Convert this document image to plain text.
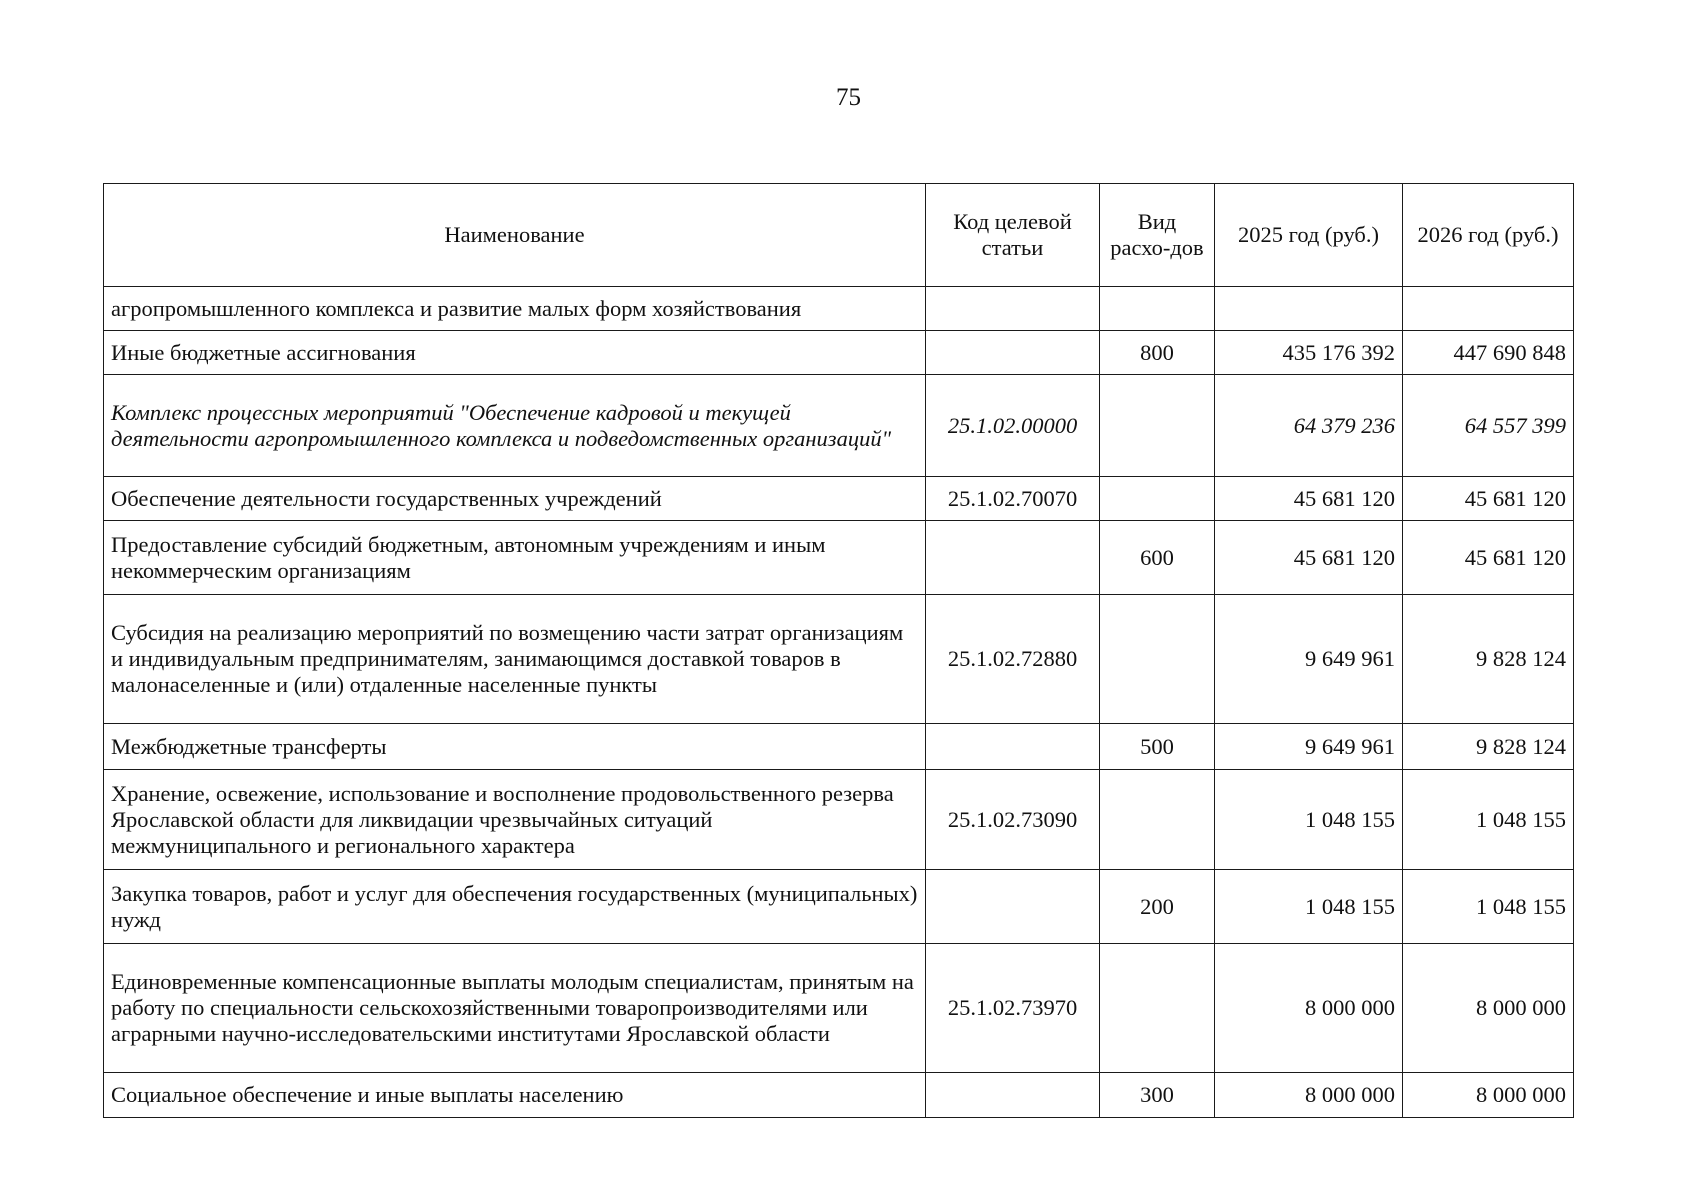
75
Наименование	Код целевой статьи	Вид расхо-дов	2025 год (руб.)	2026 год (руб.)
агропромышленного комплекса и развитие малых форм хозяйствования				
Иные бюджетные ассигнования		800	435 176 392	447 690 848
Комплекс процессных мероприятий "Обеспечение кадровой и текущей деятельности агропромышленного комплекса и подведомственных организаций"	25.1.02.00000		64 379 236	64 557 399
Обеспечение деятельности государственных учреждений	25.1.02.70070		45 681 120	45 681 120
Предоставление субсидий бюджетным, автономным учреждениям и иным некоммерческим организациям		600	45 681 120	45 681 120
Субсидия на реализацию мероприятий по возмещению части затрат организациям и индивидуальным предпринимателям, занимающимся доставкой товаров в малонаселенные и (или) отдаленные населенные пункты	25.1.02.72880		9 649 961	9 828 124
Межбюджетные трансферты		500	9 649 961	9 828 124
Хранение, освежение, использование и восполнение продовольственного резерва Ярославской области для ликвидации чрезвычайных ситуаций межмуниципального и регионального характера	25.1.02.73090		1 048 155	1 048 155
Закупка товаров, работ и услуг для обеспечения государственных (муниципальных) нужд		200	1 048 155	1 048 155
Единовременные компенсационные выплаты молодым специалистам, принятым на работу по специальности сельскохозяйственными товаропроизводителями или аграрными научно-исследовательскими институтами Ярославской области	25.1.02.73970		8 000 000	8 000 000
Социальное обеспечение и иные выплаты населению		300	8 000 000	8 000 000
